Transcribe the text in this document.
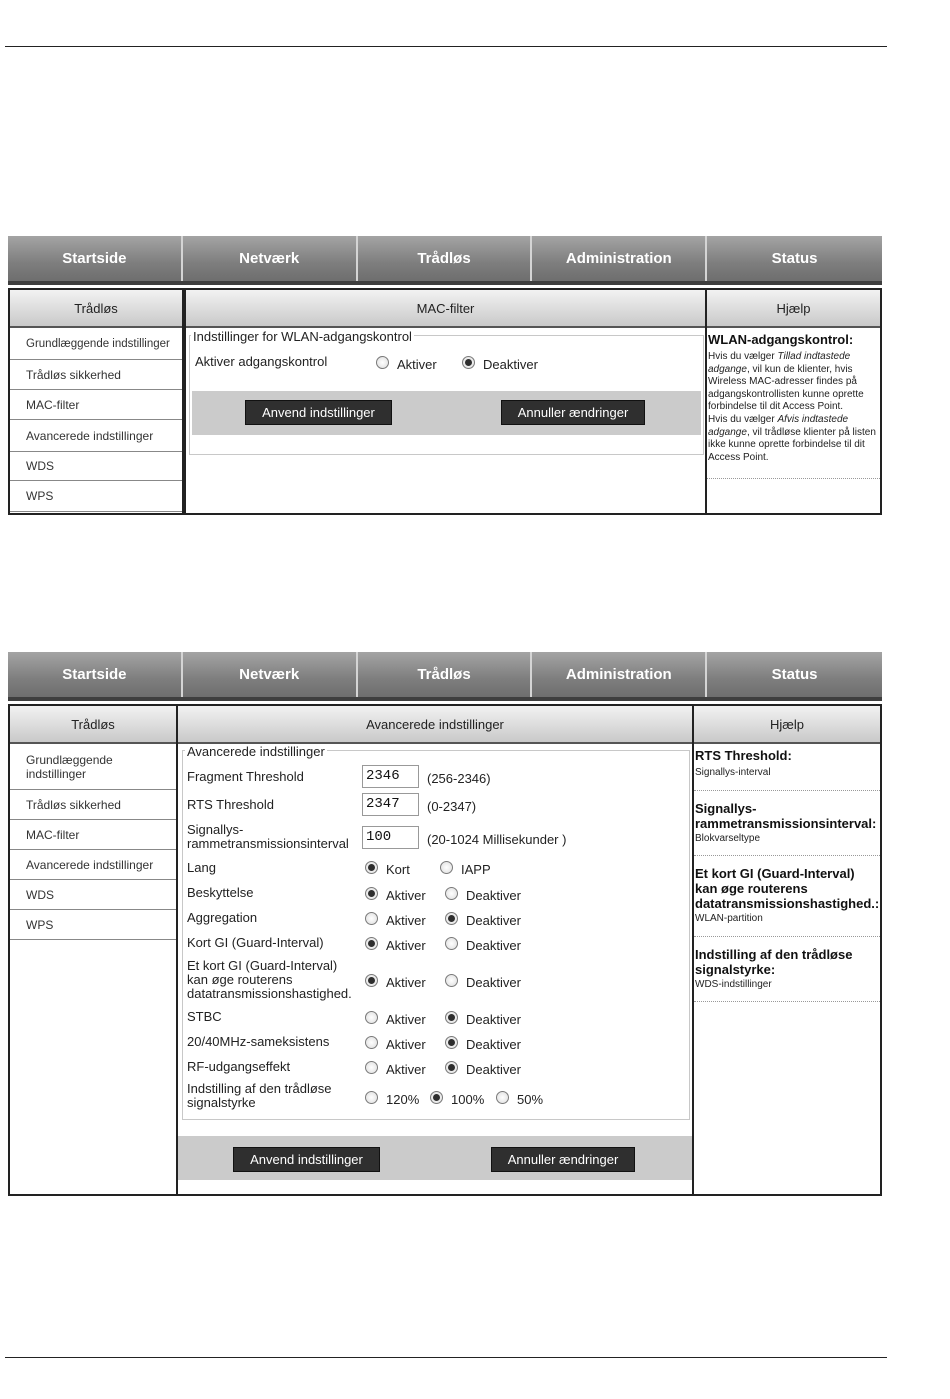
Startside	Netværk	Trådløs	Administration	Status
Trådløs
Grundlæggende indstillinger
Trådløs sikkerhed
MAC-filter
Avancerede indstillinger
WDS
WPS
MAC-filter
Indstillinger for WLAN-adgangskontrol
Aktiver adgangskontrol	Aktiver	Deaktiver
Anvend indstillinger	Annuller ændringer
Hjælp
WLAN-adgangskontrol:
Hvis du vælger Tillad indtastede adgange, vil kun de klienter, hvis Wireless MAC-adresser findes på adgangskontrollisten kunne oprette forbindelse til dit Access Point.
Hvis du vælger Afvis indtastede adgange, vil trådløse klienter på listen ikke kunne oprette forbindelse til dit Access Point.
Startside	Netværk	Trådløs	Administration	Status
Trådløs
Grundlæggende
indstillinger
Trådløs sikkerhed
MAC-filter
Avancerede indstillinger
WDS
WPS
Avancerede indstillinger
Avancerede indstillinger
Fragment Threshold	2346	(256-2346)
RTS Threshold	2347	(0-2347)
Signallys-
rammetransmissionsinterval 100	(20-1024 Millisekunder )
Lang	Kort	IAPP
Beskyttelse	Aktiver	Deaktiver
Aggregation	Aktiver	Deaktiver
Kort GI (Guard-Interval)	Aktiver	Deaktiver
Et kort GI (Guard-Interval)
kan øge routerens
datatransmissionshastighed.
Aktiver	Deaktiver
STBC	Aktiver	Deaktiver
20/40MHz-sameksistens	Aktiver	Deaktiver
RF-udgangseffekt	Aktiver	Deaktiver
Indstilling af den trådløse
signalstyrke	120% 100%	50%
Anvend indstillinger	Annuller ændringer
Hjælp
RTS Threshold:
Signallys-interval
Signallys-rammetransmissionsinterval:
Blokvarseltype
Et kort GI (Guard-Interval) kan øge routerens datatransmissionshastighed.:
WLAN-partition
Indstilling af den trådløse signalstyrke:
WDS-indstillinger
